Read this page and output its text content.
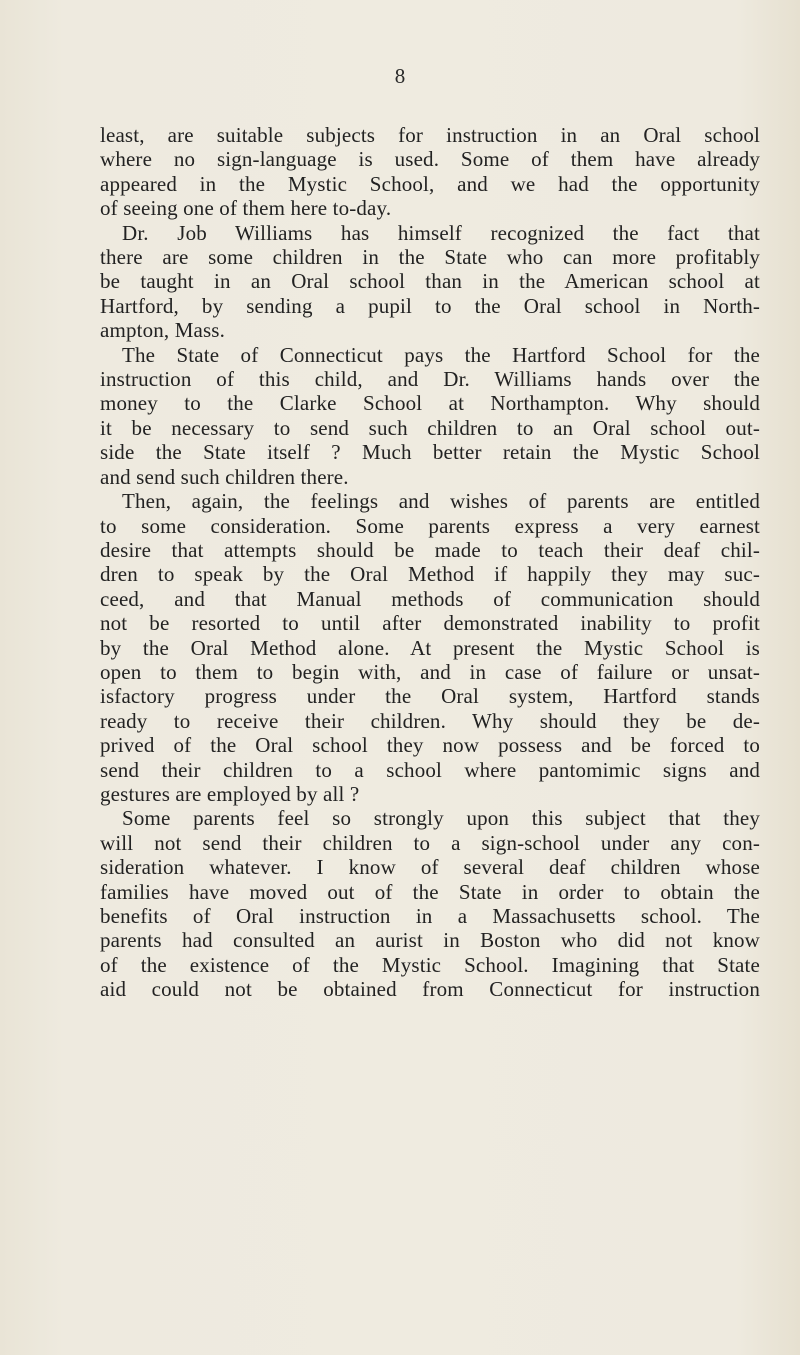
8
least, are suitable subjects for instruction in an Oral school
where no sign-language is used. Some of them have already
appeared in the Mystic School, and we had the opportunity
of seeing one of them here to-day.
Dr. Job Williams has himself recognized the fact that
there are some children in the State who can more profitably
be taught in an Oral school than in the American school at
Hartford, by sending a pupil to the Oral school in North-
ampton, Mass.
The State of Connecticut pays the Hartford School for the
instruction of this child, and Dr. Williams hands over the
money to the Clarke School at Northampton. Why should
it be necessary to send such children to an Oral school out-
side the State itself ? Much better retain the Mystic School
and send such children there.
Then, again, the feelings and wishes of parents are entitled
to some consideration. Some parents express a very earnest
desire that attempts should be made to teach their deaf chil-
dren to speak by the Oral Method if happily they may suc-
ceed, and that Manual methods of communication should
not be resorted to until after demonstrated inability to profit
by the Oral Method alone. At present the Mystic School is
open to them to begin with, and in case of failure or unsat-
isfactory progress under the Oral system, Hartford stands
ready to receive their children. Why should they be de-
prived of the Oral school they now possess and be forced to
send their children to a school where pantomimic signs and
gestures are employed by all ?
Some parents feel so strongly upon this subject that they
will not send their children to a sign-school under any con-
sideration whatever. I know of several deaf children whose
families have moved out of the State in order to obtain the
benefits of Oral instruction in a Massachusetts school. The
parents had consulted an aurist in Boston who did not know
of the existence of the Mystic School. Imagining that State
aid could not be obtained from Connecticut for instruction
